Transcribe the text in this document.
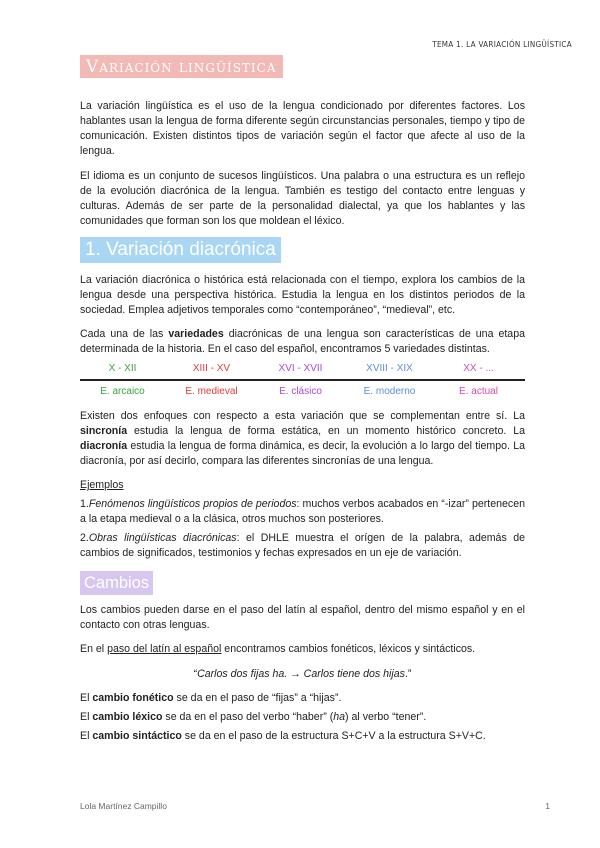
TEMA 1. LA VARIACIÓN LINGÜÍSTICA
Variación lingüística

La variación lingüística es el uso de la lengua condicionado por diferentes factores. Los hablantes usan la lengua de forma diferente según circunstancias personales, tiempo y tipo de comunicación. Existen distintos tipos de variación según el factor que afecte al uso de la lengua.

El idioma es un conjunto de sucesos lingüísticos. Una palabra o una estructura es un reflejo de la evolución diacrónica de la lengua. También es testigo del contacto entre lenguas y culturas. Además de ser parte de la personalidad dialectal, ya que los hablantes y las comunidades que forman son los que moldean el léxico.

1. Variación diacrónica

La variación diacrónica o histórica está relacionada con el tiempo, explora los cambios de la lengua desde una perspectiva histórica. Estudia la lengua en los distintos periodos de la sociedad. Emplea adjetivos temporales como “contemporáneo”, “medieval”, etc.

Cada una de las variedades diacrónicas de una lengua son características de una etapa determinada de la historia. En el caso del español, encontramos 5 variedades distintas.

X - XII
E. arcaico
XIII - XV
E. medieval
XVI - XVII
E. clásico
XVIII - XIX
E. moderno
XX - ...
E. actual

Existen dos enfoques con respecto a esta variación que se complementan entre sí. La sincronía estudia la lengua de forma estática, en un momento histórico concreto. La diacronía estudia la lengua de forma dinámica, es decir, la evolución a lo largo del tiempo. La diacronía, por así decirlo, compara las diferentes sincronías de una lengua.

Ejemplos

1.Fenómenos lingüísticos propios de periodos: muchos verbos acabados en “-izar” pertenecen a la etapa medieval o a la clásica, otros muchos son posteriores.

2.Obras lingüísticas diacrónicas: el DHLE muestra el orígen de la palabra, además de cambios de significados, testimonios y fechas expresados en un eje de variación.

Cambios

Los cambios pueden darse en el paso del latín al español, dentro del mismo español y en el contacto con otras lenguas.

En el paso del latín al español encontramos cambios fonéticos, léxicos y sintácticos.

“Carlos dos fijas ha. → Carlos tiene dos hijas.”

El cambio fonético se da en el paso de “fijas” a “hijas”.

El cambio léxico se da en el paso del verbo “haber” (ha) al verbo “tener”.

El cambio sintáctico se da en el paso de la estructura S+C+V a la estructura S+V+C.

Lola Martínez Campillo	1
